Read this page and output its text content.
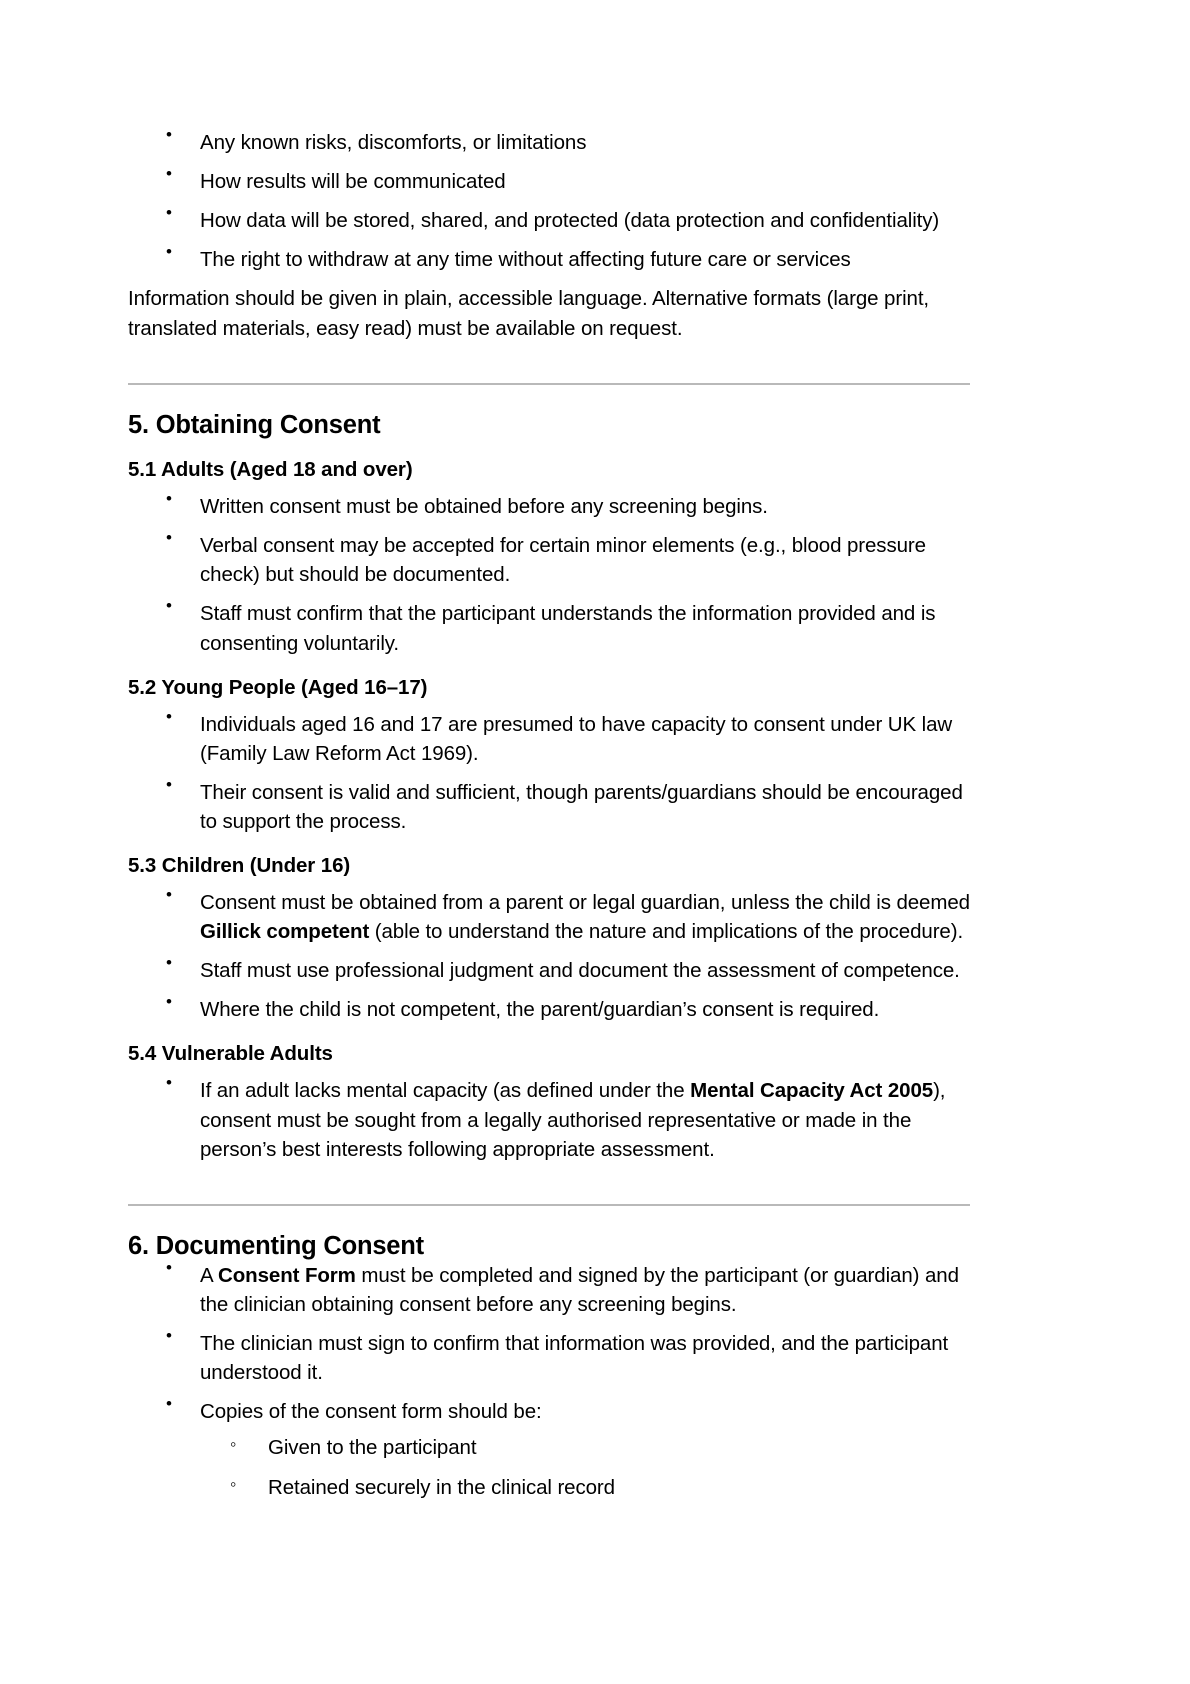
• Any known risks, discomforts, or limitations
• How results will be communicated
• How data will be stored, shared, and protected (data protection and confidentiality)
• The right to withdraw at any time without affecting future care or services

Information should be given in plain, accessible language. Alternative formats (large print, translated materials, easy read) must be available on request.

5. Obtaining Consent
5.1 Adults (Aged 18 and over)
• Written consent must be obtained before any screening begins.
• Verbal consent may be accepted for certain minor elements (e.g., blood pressure check) but should be documented.
• Staff must confirm that the participant understands the information provided and is consenting voluntarily.
5.2 Young People (Aged 16–17)
• Individuals aged 16 and 17 are presumed to have capacity to consent under UK law (Family Law Reform Act 1969).
• Their consent is valid and sufficient, though parents/guardians should be encouraged to support the process.
5.3 Children (Under 16)
• Consent must be obtained from a parent or legal guardian, unless the child is deemed Gillick competent (able to understand the nature and implications of the procedure).
• Staff must use professional judgment and document the assessment of competence.
• Where the child is not competent, the parent/guardian’s consent is required.
5.4 Vulnerable Adults
• If an adult lacks mental capacity (as defined under the Mental Capacity Act 2005), consent must be sought from a legally authorised representative or made in the person’s best interests following appropriate assessment.
6. Documenting Consent
• A Consent Form must be completed and signed by the participant (or guardian) and the clinician obtaining consent before any screening begins.
• The clinician must sign to confirm that information was provided, and the participant understood it.
• Copies of the consent form should be:
◦ Given to the participant
◦ Retained securely in the clinical record
